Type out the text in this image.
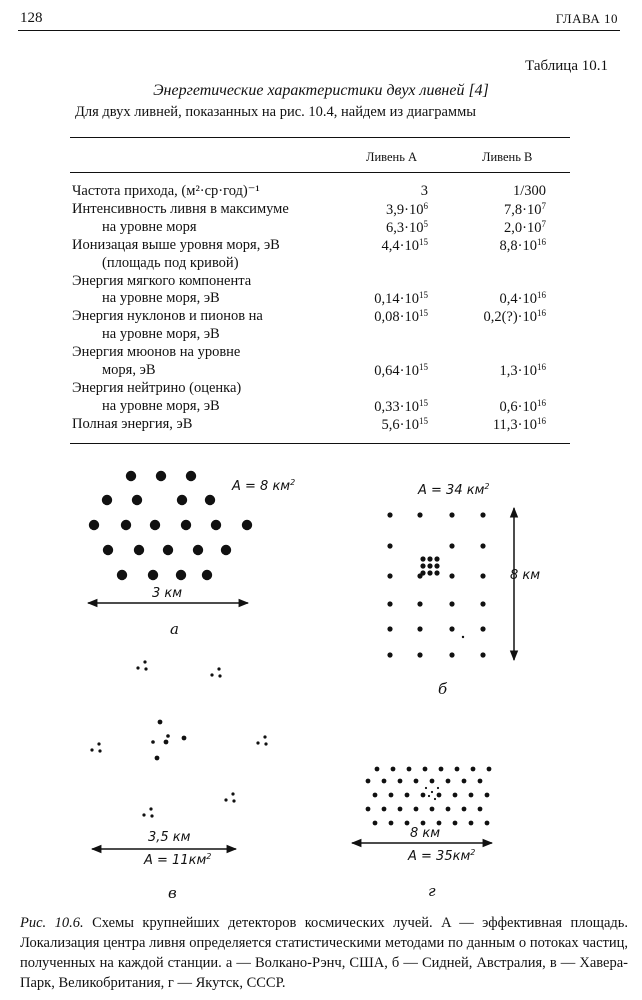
128	ГЛАВА 10
Таблица 10.1
Энергетические характеристики двух ливней [4]
Для двух ливней, показанных на рис. 10.4, найдем из диаграммы
Ливень A	Ливень B
Частота прихода, (м²·ср·год)⁻¹	3	1/300
Интенсивность ливня в максимуме	$3,9\cdot 10^6$	$7,8\cdot 10^7$
на уровне моря	$6,3\cdot 10^5$	$2,0\cdot 10^7$
Ионизацая выше уровня моря, эВ	$4,4\cdot 10^{15}$	$8,8\cdot 10^{16}$
(площадь под кривой)
Энергия мягкого компонента
на уровне моря, эВ	$0,14\cdot 10^{15}$	$0,4\cdot 10^{16}$
Энергия нуклонов и пионов на	$0,08\cdot 10^{15}$	$0,2(?)\cdot 10^{16}$
на уровне моря, эВ
Энергия мюонов на уровне
моря, эВ	$0,64\cdot 10^{15}$	$1,3\cdot 10^{16}$
Энергия нейтрино (оценка)
на уровне моря, эВ	$0,33\cdot 10^{15}$	$0,6\cdot 10^{16}$
Полная энергия, эВ	$5,6\cdot 10^{15}$	$11,3\cdot 10^{16}$
A = 8 $км^2$
3 км
а
A = 34 $км^2$
8 км
б
3,5 км
$A = 11км^2$
в
8 км
$A = 35км^2$
г
Рис. 10.6. Схемы крупнейших детекторов космических лучей. A — эффективная площадь. Локализация центра ливня определяется статистическими методами по данным о потоках частиц, полученных на каждой станции. а — Волкано-Рэнч, США, б — Сидней, Австралия, в — Хавера-Парк, Великобритания, г — Якутск, СССР.
